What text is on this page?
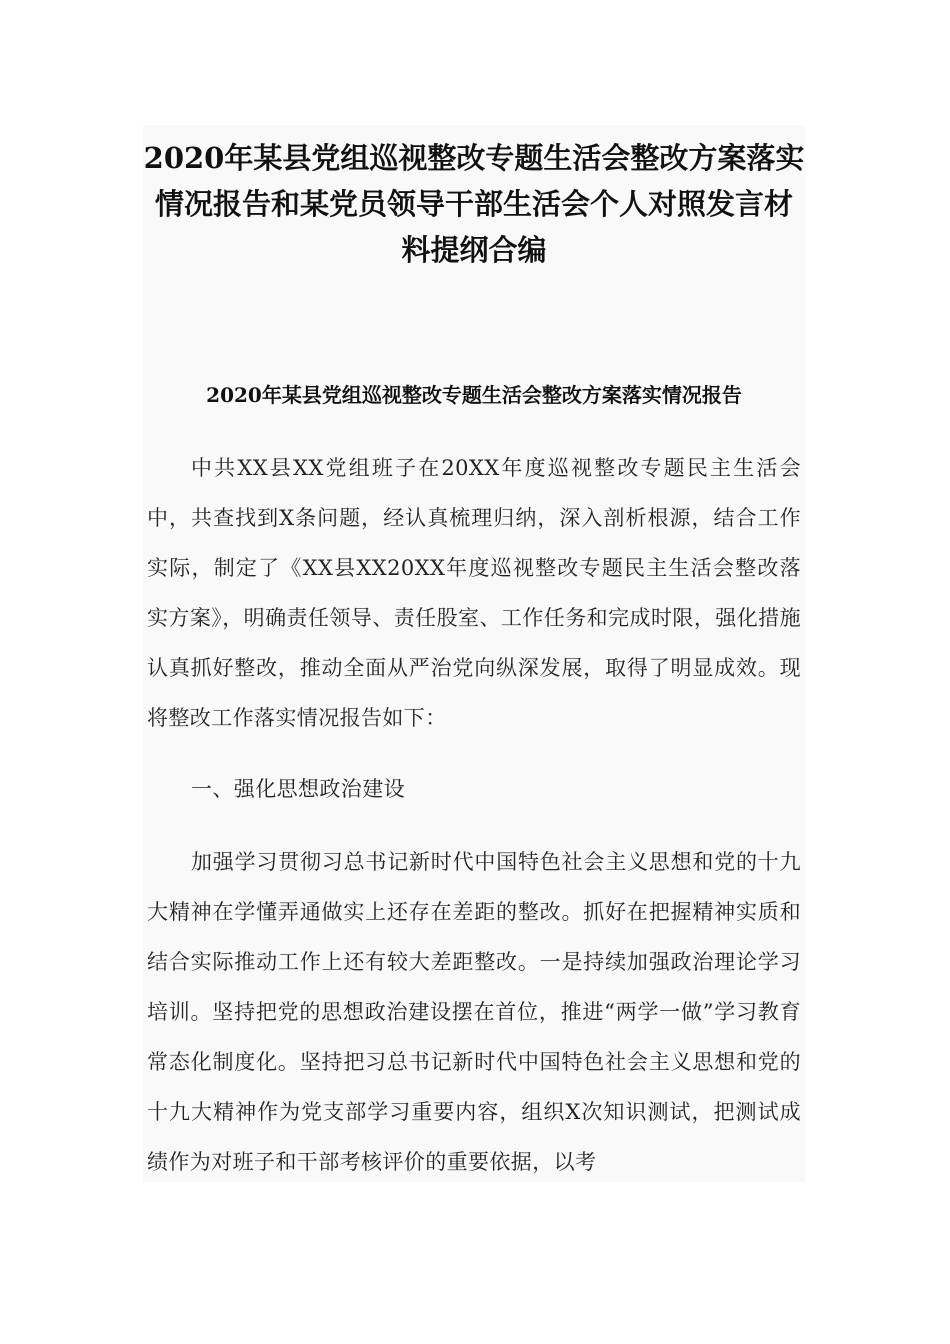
2020年某县党组巡视整改专题生活会整改方案落实情况报告和某党员领导干部生活会个人对照发言材料提纲合编
2020年某县党组巡视整改专题生活会整改方案落实情况报告

中共XX县XX党组班子在20XX年度巡视整改专题民主生活会中，共查找到X条问题，经认真梳理归纳，深入剖析根源，结合工作实际，制定了《XX县XX20XX年度巡视整改专题民主生活会整改落实方案》，明确责任领导、责任股室、工作任务和完成时限，强化措施认真抓好整改，推动全面从严治党向纵深发展，取得了明显成效。现将整改工作落实情况报告如下：

一、强化思想政治建设

加强学习贯彻习总书记新时代中国特色社会主义思想和党的十九大精神在学懂弄通做实上还存在差距的整改。抓好在把握精神实质和结合实际推动工作上还有较大差距整改。一是持续加强政治理论学习培训。坚持把党的思想政治建设摆在首位，推进“两学一做”学习教育常态化制度化。坚持把习总书记新时代中国特色社会主义思想和党的十九大精神作为党支部学习重要内容，组织X次知识测试，把测试成绩作为对班子和干部考核评价的重要依据，以考
